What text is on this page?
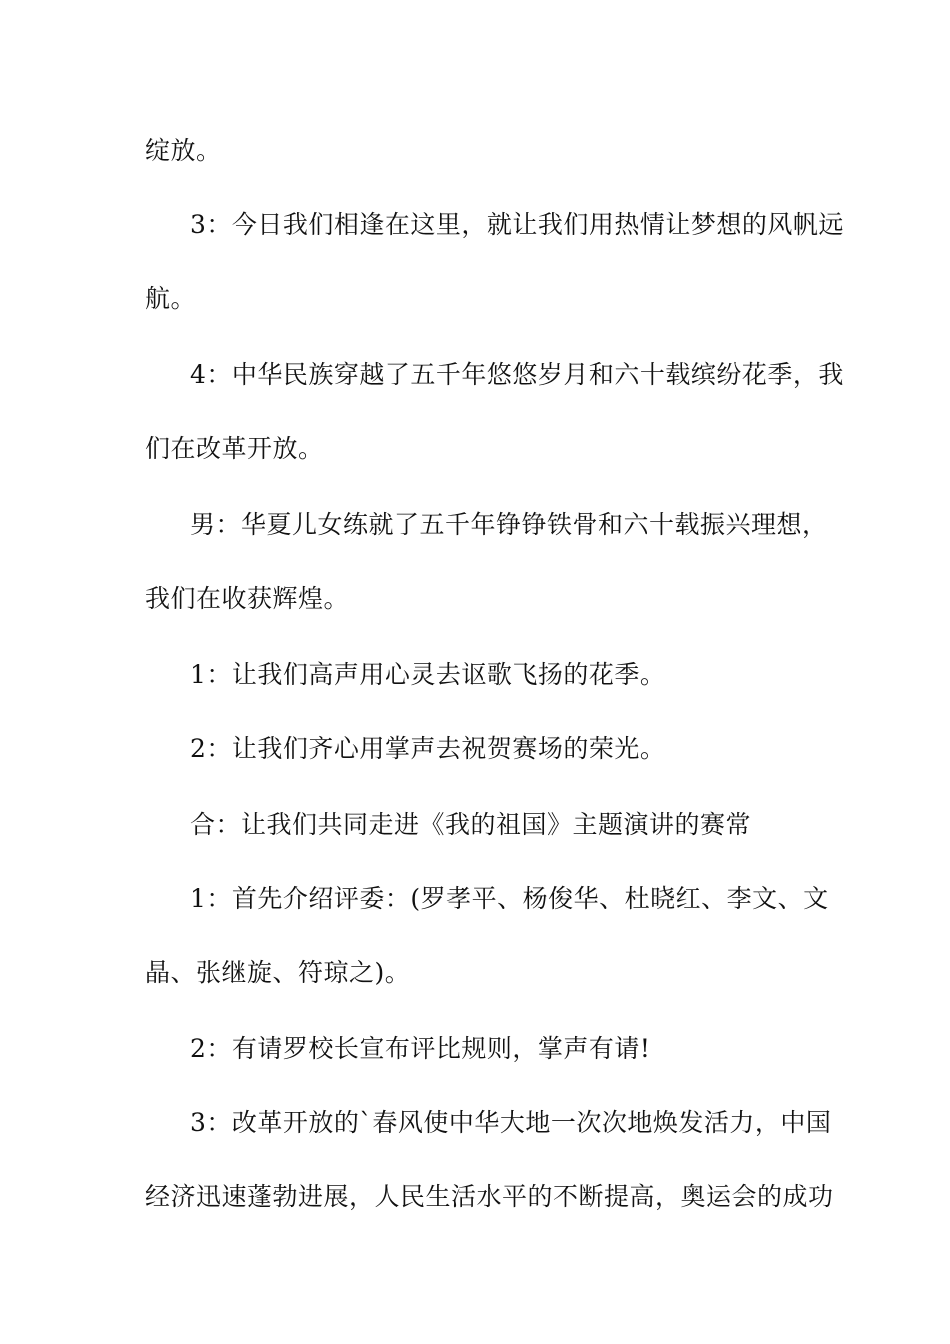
绽放。
3：今日我们相逢在这里，就让我们用热情让梦想的风帆远
航。
4：中华民族穿越了五千年悠悠岁月和六十载缤纷花季，我
们在改革开放。
男：华夏儿女练就了五千年铮铮铁骨和六十载振兴理想，
我们在收获辉煌。
1：让我们高声用心灵去讴歌飞扬的花季。
2：让我们齐心用掌声去祝贺赛场的荣光。
合：让我们共同走进《我的祖国》主题演讲的赛常
1：首先介绍评委：(罗孝平、杨俊华、杜晓红、李文、文
晶、张继旋、符琼之)。
2：有请罗校长宣布评比规则，掌声有请!
3：改革开放的`春风使中华大地一次次地焕发活力，中国
经济迅速蓬勃进展，人民生活水平的不断提高，奥运会的成功
